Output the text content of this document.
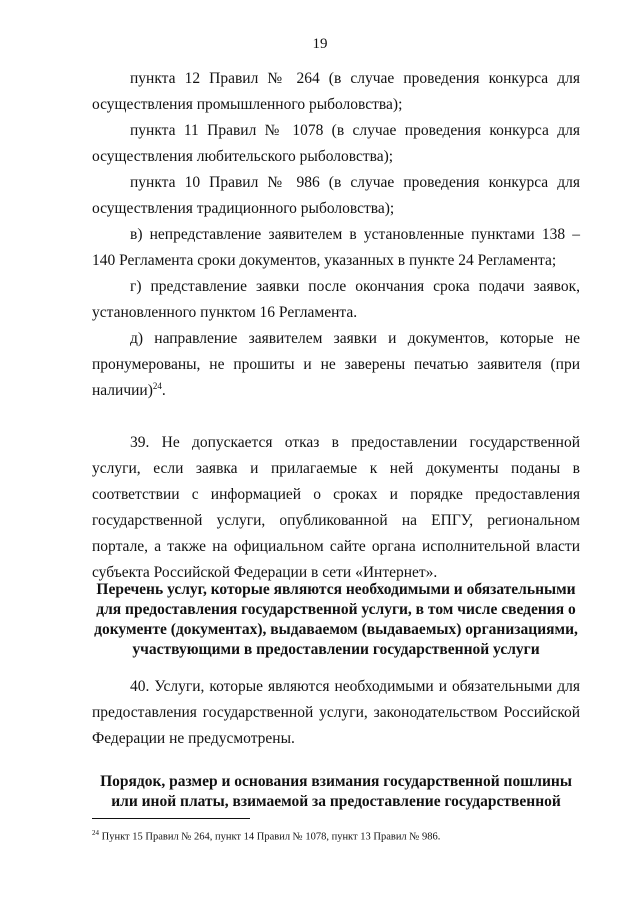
19

пункта 12 Правил № 264 (в случае проведения конкурса для осуществления промышленного рыболовства);

пункта 11 Правил № 1078 (в случае проведения конкурса для осуществления любительского рыболовства);

пункта 10 Правил № 986 (в случае проведения конкурса для осуществления традиционного рыболовства);

в) непредставление заявителем в установленные пунктами 138 – 140 Регламента сроки документов, указанных в пункте 24 Регламента;

г) представление заявки после окончания срока подачи заявок, установленного пунктом 16 Регламента.

д) направление заявителем заявки и документов, которые не пронумерованы, не прошиты и не заверены печатью заявителя (при наличии)$^{24}$.

39. Не допускается отказ в предоставлении государственной услуги, если заявка и прилагаемые к ней документы поданы в соответствии с информацией о сроках и порядке предоставления государственной услуги, опубликованной на ЕПГУ, региональном портале, а также на официальном сайте органа исполнительной власти субъекта Российской Федерации в сети «Интернет».

Перечень услуг, которые являются необходимыми и обязательными для предоставления государственной услуги, в том числе сведения о документе (документах), выдаваемом (выдаваемых) организациями, участвующими в предоставлении государственной услуги

40. Услуги, которые являются необходимыми и обязательными для предоставления государственной услуги, законодательством Российской Федерации не предусмотрены.

Порядок, размер и основания взимания государственной пошлины или иной платы, взимаемой за предоставление государственной

$^{24}$ Пункт 15 Правил № 264, пункт 14 Правил № 1078, пункт 13 Правил № 986.
